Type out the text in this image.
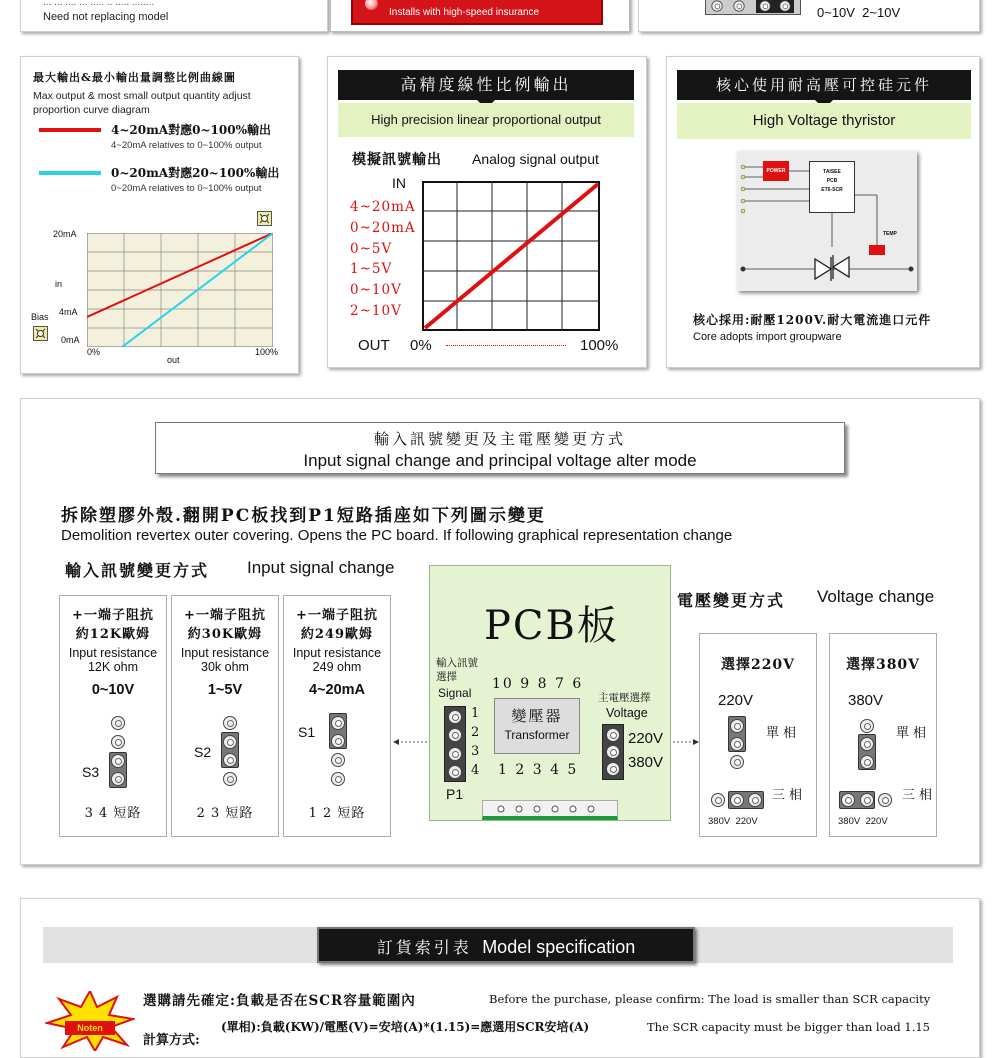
... ... .... ... ..... .. ..... ........
Need not replacing model	Installs with high-speed insurance	0~10V  2~10V
最大輸出&最小輸出量調整比例曲線圖
Max output & most small output quantity adjust proportion curve diagram
4~20mA對應0~100%輸出
4~20mA relatives to 0~100% output
0~20mA對應20~100%輸出
0~20mA relatives to 0~100% output
20mA
in
4mA
Bias
0mA
0%	100%
out
高精度線性比例輸出
High precision linear proportional output
模擬訊號輸出 Analog signal output
IN
4~20mA
0~20mA
0~5V
1~5V
0~10V
2~10V
OUT 0%	100%
核心使用耐高壓可控硅元件
High Voltage thyristor
POWER	TAISEE
PCB
ET6-SCR
TEMP
核心採用:耐壓1200V.耐大電流進口元件
Core adopts import groupware
輸入訊號變更及主電壓變更方式
Input signal change and principal voltage alter mode
拆除塑膠外殼.翻開PC板找到P1短路插座如下列圖示變更
Demolition revertex outer covering. Opens the PC board. If following graphical representation change
輸入訊號變更方式 Input signal change
+一端子阻抗
約12K歐姆
Input resistance
12K ohm
0~10V
S3
3 4 短路
+一端子阻抗
約30K歐姆
Input resistance
30k ohm
1~5V
S2
2 3 短路
+一端子阻抗
約249歐姆
Input resistance
249 ohm
4~20mA
S1
1 2 短路
PCB板
輸入訊號選擇
Signal
1
2
3
4
P1
10 9 8 7 6
變壓器
Transformer
1 2 3 4 5
主電壓選擇
Voltage
220V
380V
電壓變更方式 Voltage change
選擇220V
220V
單相
三相
380V  220V
選擇380V
380V
單相
三相
380V  220V
訂貨索引表 Model specification
Noten
選購請先確定:負載是否在SCR容量範圍內	Before the purchase, please confirm: The load is smaller than SCR capacity
計算方式:
(單相):負載(KW)/電壓(V)=安培(A)*(1.15)=應選用SCR安培(A)	The SCR capacity must be bigger than load 1.15
